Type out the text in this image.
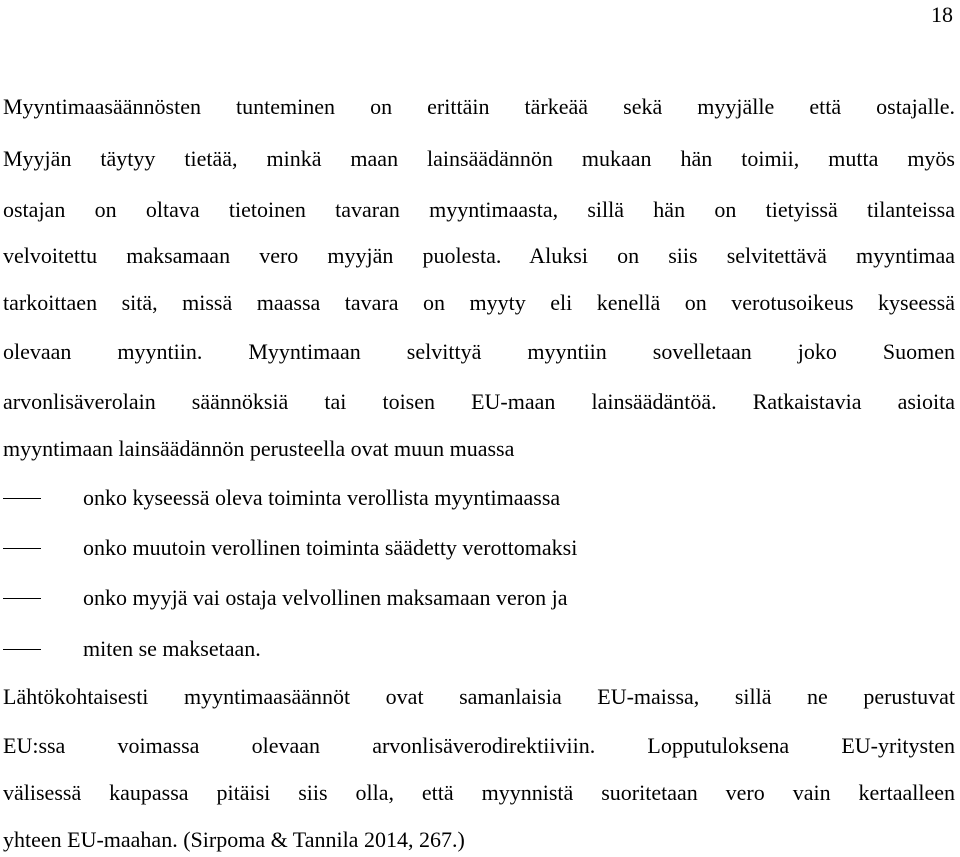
18
Myyntimaasäännösten tunteminen on erittäin tärkeää sekä myyjälle että ostajalle.
Myyjän täytyy tietää, minkä maan lainsäädännön mukaan hän toimii, mutta myös
ostajan on oltava tietoinen tavaran myyntimaasta, sillä hän on tietyissä tilanteissa
velvoitettu maksamaan vero myyjän puolesta. Aluksi on siis selvitettävä myyntimaa
tarkoittaen sitä, missä maassa tavara on myyty eli kenellä on verotusoikeus kyseessä
olevaan myyntiin. Myyntimaan selvittyä myyntiin sovelletaan joko Suomen
arvonlisäverolain säännöksiä tai toisen EU-maan lainsäädäntöä. Ratkaistavia asioita
myyntimaan lainsäädännön perusteella ovat muun muassa
onko kyseessä oleva toiminta verollista myyntimaassa
onko muutoin verollinen toiminta säädetty verottomaksi
onko myyjä vai ostaja velvollinen maksamaan veron ja
miten se maksetaan.
Lähtökohtaisesti myyntimaasäännöt ovat samanlaisia EU-maissa, sillä ne perustuvat
EU:ssa voimassa olevaan arvonlisäverodirektiiviin. Lopputuloksena EU-yritysten
välisessä kaupassa pitäisi siis olla, että myynnistä suoritetaan vero vain kertaalleen
yhteen EU-maahan. (Sirpoma & Tannila 2014, 267.)
